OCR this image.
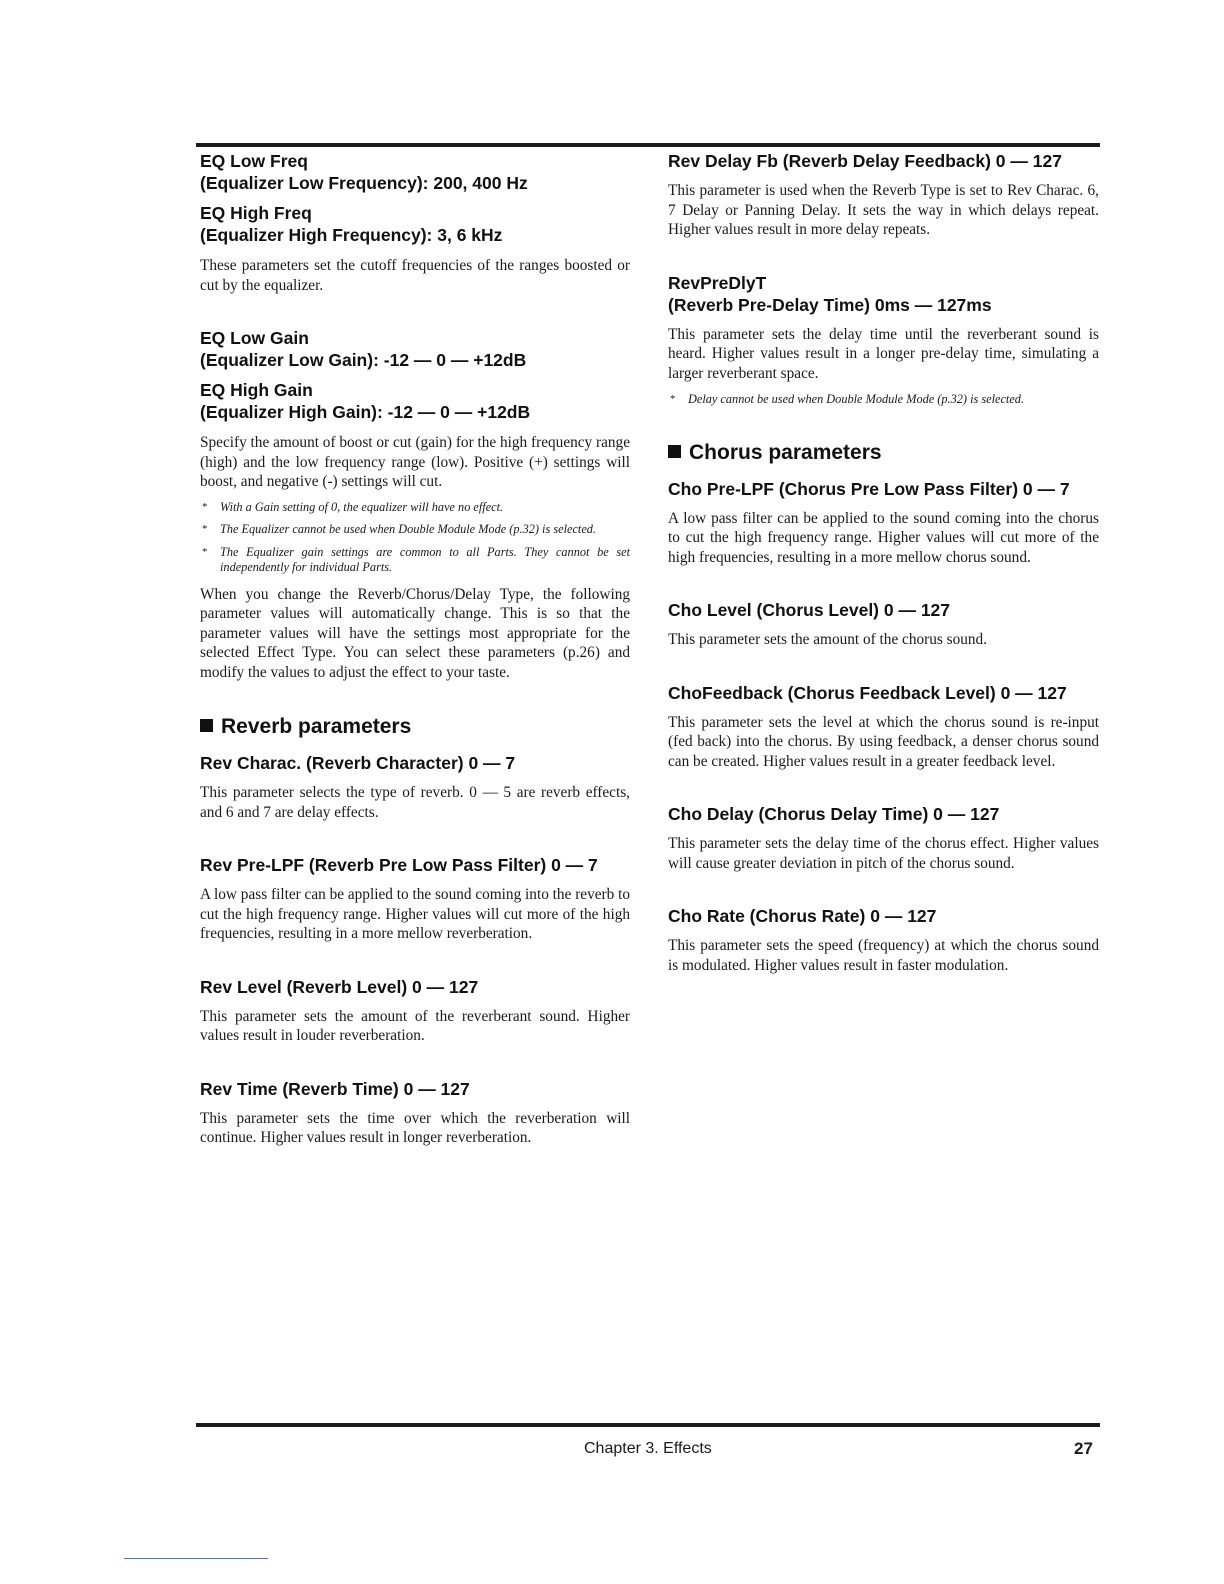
EQ Low Freq
(Equalizer Low Frequency): 200, 400 Hz
EQ High Freq
(Equalizer High Frequency): 3, 6 kHz

These parameters set the cutoff frequencies of the ranges boosted or cut by the equalizer.

EQ Low Gain
(Equalizer Low Gain): -12 — 0 — +12dB
EQ High Gain
(Equalizer High Gain): -12 — 0 — +12dB

Specify the amount of boost or cut (gain) for the high frequency range (high) and the low frequency range (low). Positive (+) settings will boost, and negative (-) settings will cut.

* With a Gain setting of 0, the equalizer will have no effect.

* The Equalizer cannot be used when Double Module Mode (p.32) is selected.

* The Equalizer gain settings are common to all Parts. They cannot be set independently for individual Parts.

When you change the Reverb/Chorus/Delay Type, the following parameter values will automatically change. This is so that the parameter values will have the settings most appropriate for the selected Effect Type. You can select these parameters (p.26) and modify the values to adjust the effect to your taste.

Reverb parameters
Rev Charac. (Reverb Character) 0 — 7

This parameter selects the type of reverb. 0 — 5 are reverb effects, and 6 and 7 are delay effects.

Rev Pre-LPF (Reverb Pre Low Pass Filter) 0 — 7

A low pass filter can be applied to the sound coming into the reverb to cut the high frequency range. Higher values will cut more of the high frequencies, resulting in a more mellow reverberation.

Rev Level (Reverb Level) 0 — 127

This parameter sets the amount of the reverberant sound. Higher values result in louder reverberation.

Rev Time (Reverb Time) 0 — 127

This parameter sets the time over which the reverberation will continue. Higher values result in longer reverberation.

Rev Delay Fb (Reverb Delay Feedback) 0 — 127

This parameter is used when the Reverb Type is set to Rev Charac. 6, 7 Delay or Panning Delay. It sets the way in which delays repeat. Higher values result in more delay repeats.

RevPreDlyT
(Reverb Pre-Delay Time) 0ms — 127ms

This parameter sets the delay time until the reverberant sound is heard. Higher values result in a longer pre-delay time, simulating a larger reverberant space.

* Delay cannot be used when Double Module Mode (p.32) is selected.

Chorus parameters
Cho Pre-LPF (Chorus Pre Low Pass Filter) 0 — 7

A low pass filter can be applied to the sound coming into the chorus to cut the high frequency range. Higher values will cut more of the high frequencies, resulting in a more mellow chorus sound.

Cho Level (Chorus Level) 0 — 127

This parameter sets the amount of the chorus sound.

ChoFeedback (Chorus Feedback Level) 0 — 127

This parameter sets the level at which the chorus sound is re-input (fed back) into the chorus. By using feedback, a denser chorus sound can be created. Higher values result in a greater feedback level.

Cho Delay (Chorus Delay Time) 0 — 127

This parameter sets the delay time of the chorus effect. Higher values will cause greater deviation in pitch of the chorus sound.

Cho Rate (Chorus Rate) 0 — 127

This parameter sets the speed (frequency) at which the chorus sound is modulated. Higher values result in faster modulation.

Chapter 3. Effects	27
